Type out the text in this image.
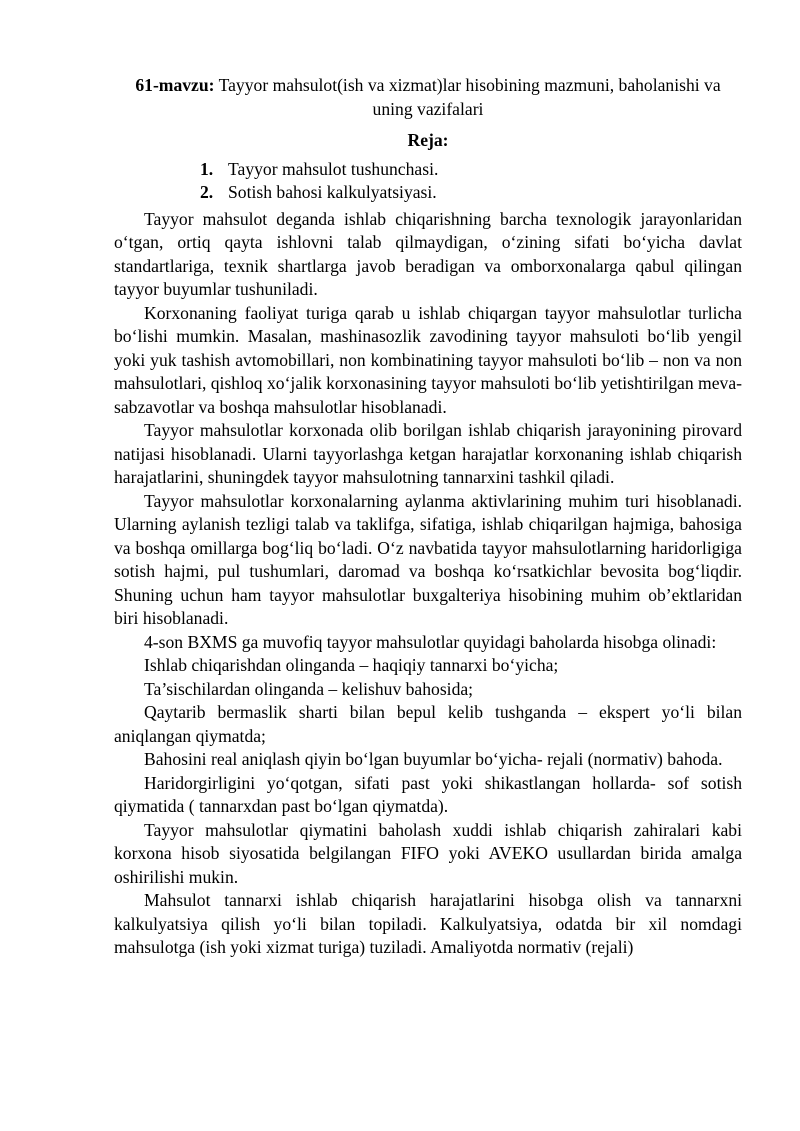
61-mavzu: Tayyor mahsulot(ish va xizmat)lar hisobining mazmuni, baholanishi va uning vazifalari

Reja:

1. Tayyor mahsulot tushunchasi.
2. Sotish bahosi kalkulyatsiyasi.

Tayyor mahsulot deganda ishlab chiqarishning barcha texnologik jarayonlaridan o‘tgan, ortiq qayta ishlovni talab qilmaydigan, o‘zining sifati bo‘yicha davlat standartlariga, texnik shartlarga javob beradigan va omborxonalarga qabul qilingan tayyor buyumlar tushuniladi.

Korxonaning faoliyat turiga qarab u ishlab chiqargan tayyor mahsulotlar turlicha bo‘lishi mumkin. Masalan, mashinasozlik zavodining tayyor mahsuloti bo‘lib yengil yoki yuk tashish avtomobillari, non kombinatining tayyor mahsuloti bo‘lib – non va non mahsulotlari, qishloq xo‘jalik korxonasining tayyor mahsuloti bo‘lib yetishtirilgan meva-sabzavotlar va boshqa mahsulotlar hisoblanadi.

Tayyor mahsulotlar korxonada olib borilgan ishlab chiqarish jarayonining pirovard natijasi hisoblanadi. Ularni tayyorlashga ketgan harajatlar korxonaning ishlab chiqarish harajatlarini, shuningdek tayyor mahsulotning tannarxini tashkil qiladi.

Tayyor mahsulotlar korxonalarning aylanma aktivlarining muhim turi hisoblanadi. Ularning aylanish tezligi talab va taklifga, sifatiga, ishlab chiqarilgan hajmiga, bahosiga va boshqa omillarga bog‘liq bo‘ladi. O‘z navbatida tayyor mahsulotlarning haridorligiga sotish hajmi, pul tushumlari, daromad va boshqa ko‘rsatkichlar bevosita bog‘liqdir. Shuning uchun ham tayyor mahsulotlar buxgalteriya hisobining muhim ob’ektlaridan biri hisoblanadi.

4-son BXMS ga muvofiq tayyor mahsulotlar quyidagi baholarda hisobga olinadi:

Ishlab chiqarishdan olinganda – haqiqiy tannarxi bo‘yicha;

Ta’sischilardan olinganda – kelishuv bahosida;

Qaytarib bermaslik sharti bilan bepul kelib tushganda – ekspert yo‘li bilan aniqlangan qiymatda;

Bahosini real aniqlash qiyin bo‘lgan buyumlar bo‘yicha- rejali (normativ) bahoda.

Haridorgirligini yo‘qotgan, sifati past yoki shikastlangan hollarda- sof sotish qiymatida ( tannarxdan past bo‘lgan qiymatda).

Tayyor mahsulotlar qiymatini baholash xuddi ishlab chiqarish zahiralari kabi korxona hisob siyosatida belgilangan FIFO yoki AVEKO usullardan birida amalga oshirilishi mukin.

Mahsulot tannarxi ishlab chiqarish harajatlarini hisobga olish va tannarxni kalkulyatsiya qilish yo‘li bilan topiladi. Kalkulyatsiya, odatda bir xil nomdagi mahsulotga (ish yoki xizmat turiga) tuziladi. Amaliyotda normativ (rejali)
